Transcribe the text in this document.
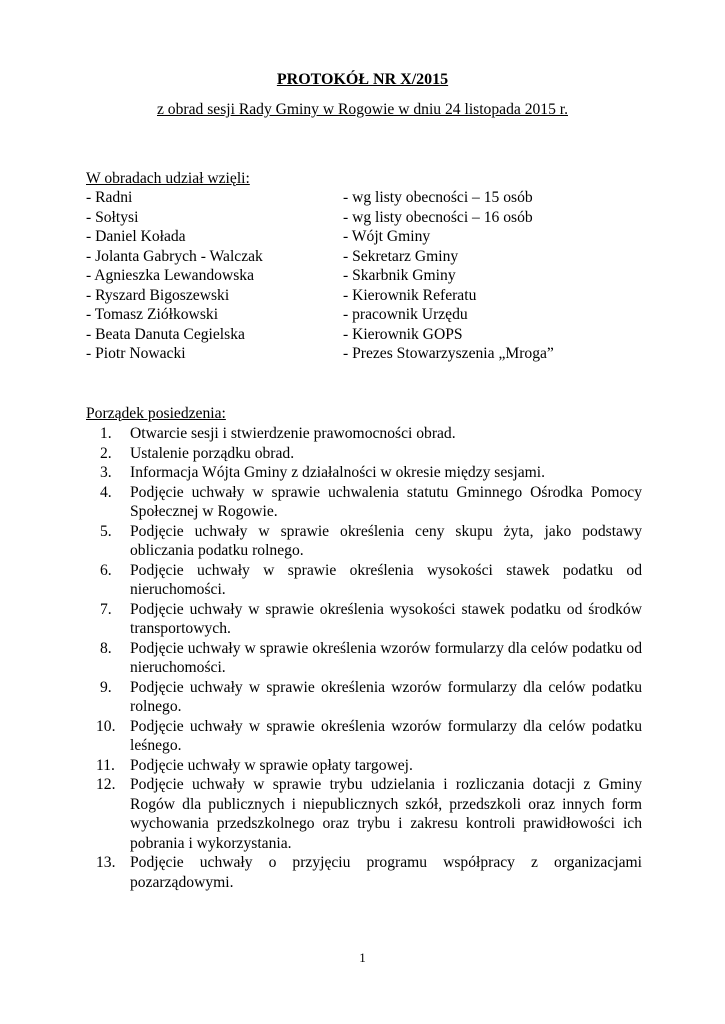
PROTOKÓŁ NR X/2015
z obrad sesji Rady Gminy w Rogowie w dniu 24 listopada 2015 r.
W obradach udział wzięli:
- Radni	- wg listy obecności – 15 osób
- Sołtysi	- wg listy obecności – 16 osób
- Daniel Kołada	- Wójt Gminy
- Jolanta Gabrych - Walczak	- Sekretarz Gminy
- Agnieszka Lewandowska	- Skarbnik Gminy
- Ryszard Bigoszewski	- Kierownik Referatu
- Tomasz Ziółkowski	- pracownik Urzędu
- Beata Danuta Cegielska	- Kierownik GOPS
- Piotr Nowacki	- Prezes Stowarzyszenia „Mroga”
Porządek posiedzenia:
1.	Otwarcie sesji i stwierdzenie prawomocności obrad.
2.	Ustalenie porządku obrad.
3.	Informacja Wójta Gminy z działalności w okresie między sesjami.
4.	Podjęcie uchwały w sprawie uchwalenia statutu Gminnego Ośrodka Pomocy Społecznej w Rogowie.
5.	Podjęcie uchwały w sprawie określenia ceny skupu żyta, jako podstawy obliczania podatku rolnego.
6.	Podjęcie uchwały w sprawie określenia wysokości stawek podatku od nieruchomości.
7.	Podjęcie uchwały w sprawie określenia wysokości stawek podatku od środków transportowych.
8.	Podjęcie uchwały w sprawie określenia wzorów formularzy dla celów podatku od nieruchomości.
9.	Podjęcie uchwały w sprawie określenia wzorów formularzy dla celów podatku rolnego.
10. Podjęcie uchwały w sprawie określenia wzorów formularzy dla celów podatku leśnego.
11. Podjęcie uchwały w sprawie opłaty targowej.
12. Podjęcie uchwały w sprawie trybu udzielania i rozliczania dotacji z Gminy Rogów dla publicznych i niepublicznych szkół, przedszkoli oraz innych form wychowania przedszkolnego oraz trybu i zakresu kontroli prawidłowości ich pobrania i wykorzystania.
13. Podjęcie uchwały o przyjęciu programu współpracy z organizacjami pozarządowymi.
1
